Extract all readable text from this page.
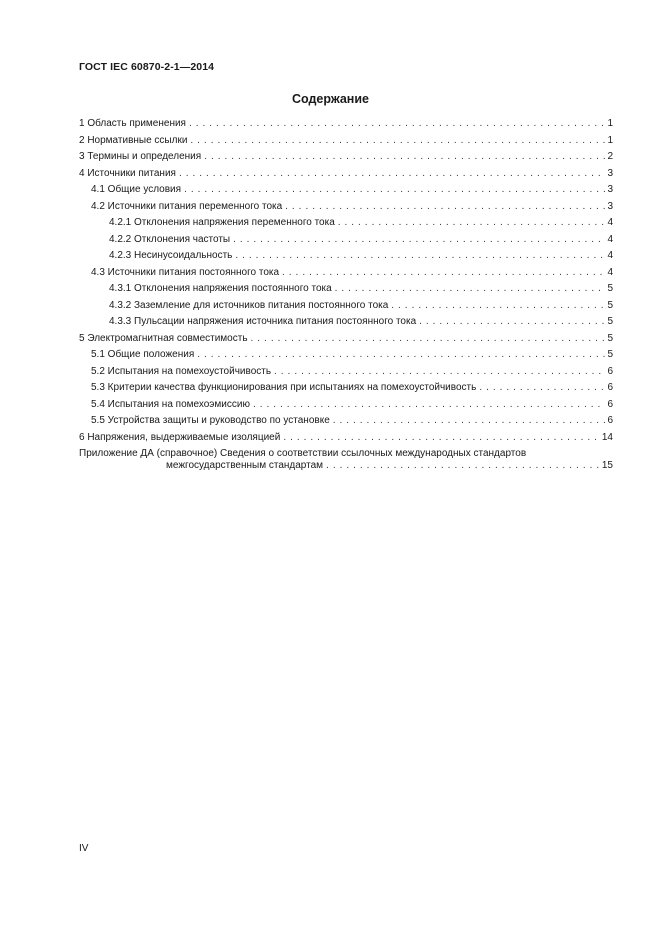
ГОСТ IEC 60870-2-1—2014
Содержание
1 Область применения . . .	1
2 Нормативные ссылки . . .	1
3 Термины и определения . . .	2
4 Источники питания . . .	3
4.1 Общие условия . . .	3
4.2 Источники питания переменного тока . . .	3
4.2.1 Отклонения напряжения переменного тока . . .	4
4.2.2 Отклонения частоты . . .	4
4.2.3 Несинусоидальность . . .	4
4.3 Источники питания постоянного тока . . .	4
4.3.1 Отклонения напряжения постоянного тока . . .	5
4.3.2 Заземление для источников питания постоянного тока . . .	5
4.3.3 Пульсации напряжения источника питания постоянного тока . . .	5
5 Электромагнитная совместимость . . .	5
5.1 Общие положения . . .	5
5.2 Испытания на помехоустойчивость . . .	6
5.3 Критерии качества функционирования при испытаниях на помехоустойчивость . . .	6
5.4 Испытания на помехоэмиссию . . .	6
5.5 Устройства защиты и руководство по установке . . .	6
6 Напряжения, выдерживаемые изоляцией . . .	14
Приложение ДА (справочное) Сведения о соответствии ссылочных международных стандартов
межгосударственным стандартам . . .	15
IV
